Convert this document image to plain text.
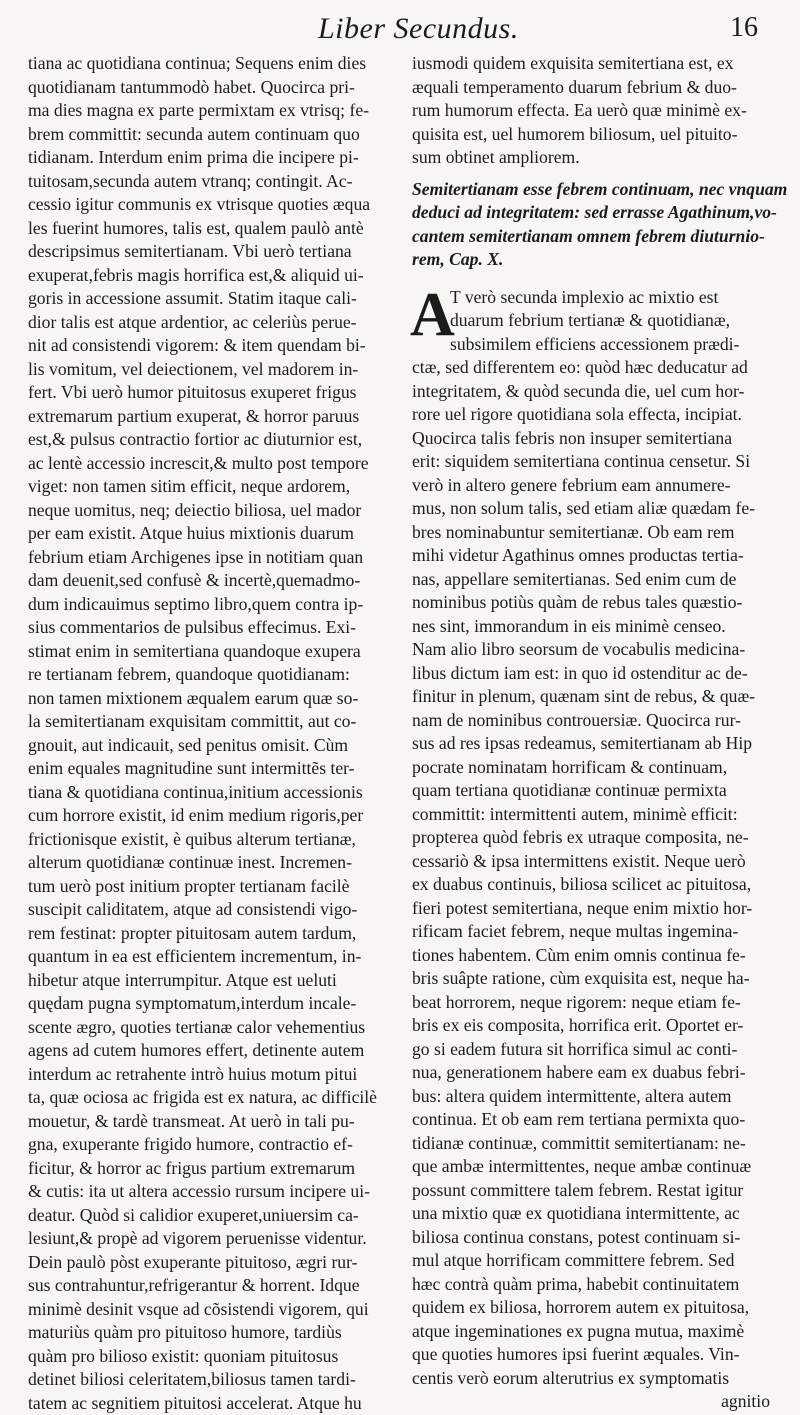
Liber Secundus.	16
tiana ac quotidiana continua; Sequens enim dies
quotidianam tantummodò habet. Quocirca pri-
ma dies magna ex parte permixtam ex vtrisq; fe-
brem committit: secunda autem continuam quo
tidianam. Interdum enim prima die incipere pi-
tuitosam,secunda autem vtranq; contingit. Ac-
cessio igitur communis ex vtrisque quoties æqua
les fuerint humores, talis est, qualem paulò antè
descripsimus semitertianam. Vbi uerò tertiana
exuperat,febris magis horrifica est,& aliquid ui-
goris in accessione assumit. Statim itaque cali-
dior talis est atque ardentior, ac celeriùs perue-
nit ad consistendi vigorem: & item quendam bi-
lis vomitum, vel deiectionem, vel madorem in-
fert. Vbi uerò humor pituitosus exuperet frigus
extremarum partium exuperat, & horror paruus
est,& pulsus contractio fortior ac diuturnior est,
ac lentè accessio increscit,& multo post tempore
viget: non tamen sitim efficit, neque ardorem,
neque uomitus, neq; deiectio biliosa, uel mador
per eam existit. Atque huius mixtionis duarum
febrium etiam Archigenes ipse in notitiam quan
dam deuenit,sed confusè & incertè,quemadmo-
dum indicauimus septimo libro,quem contra ip-
sius commentarios de pulsibus effecimus. Exi-
stimat enim in semitertiana quandoque exupera
re tertianam febrem, quandoque quotidianam:
non tamen mixtionem æqualem earum quæ so-
la semitertianam exquisitam committit, aut co-
gnouit, aut indicauit, sed penitus omisit. Cùm
enim equales magnitudine sunt intermittẽs ter-
tiana & quotidiana continua,initium accessionis
cum horrore existit, id enim medium rigoris,per
frictionisque existit, è quibus alterum tertianæ,
alterum quotidianæ continuæ inest. Incremen-
tum uerò post initium propter tertianam facilè
suscipit caliditatem, atque ad consistendi vigo-
rem festinat: propter pituitosam autem tardum,
quantum in ea est efficientem incrementum, in-
hibetur atque interrumpitur. Atque est ueluti
quędam pugna symptomatum,interdum incale-
scente ægro, quoties tertianæ calor vehementius
agens ad cutem humores effert, detinente autem
interdum ac retrahente intrò huius motum pitui
ta, quæ ociosa ac frigida est ex natura, ac difficilè
mouetur, & tardè transmeat. At uerò in tali pu-
gna, exuperante frigido humore, contractio ef-
ficitur, & horror ac frigus partium extremarum
& cutis: ita ut altera accessio rursum incipere ui-
deatur. Quòd si calidior exuperet,uniuersim ca-
lesiunt,& propè ad vigorem peruenisse videntur.
Dein paulò pòst exuperante pituitoso, ægri rur-
sus contrahuntur,refrigerantur & horrent. Idque
minimè desinit vsque ad cõsistendi vigorem, qui
maturiùs quàm pro pituitoso humore, tardiùs
quàm pro bilioso existit: quoniam pituitosus
detinet biliosi celeritatem,biliosus tamen tardi-
tatem ac segnitiem pituitosi accelerat. Atque hu
iusmodi quidem exquisita semitertiana est, ex
æquali temperamento duarum febrium & duo-
rum humorum effecta. Ea uerò quæ minimè ex-
quisita est, uel humorem biliosum, uel pituito-
sum obtinet ampliorem.
Semitertianam esse febrem continuam, nec vnquam
deduci ad integritatem: sed errasse Agathinum,vo-
cantem semitertianam omnem febrem diuturnio-
rem, Cap. X.
A
T verò secunda implexio ac mixtio est
duarum febrium tertianæ & quotidianæ,
subsimilem efficiens accessionem prædi-
ctæ, sed differentem eo: quòd hæc deducatur ad
integritatem, & quòd secunda die, uel cum hor-
rore uel rigore quotidiana sola effecta, incipiat.
Quocirca talis febris non insuper semitertiana
erit: siquidem semitertiana continua censetur. Si
verò in altero genere febrium eam annumere-
mus, non solum talis, sed etiam aliæ quædam fe-
bres nominabuntur semitertianæ. Ob eam rem
mihi videtur Agathinus omnes productas tertia-
nas, appellare semitertianas. Sed enim cum de
nominibus potiùs quàm de rebus tales quæstio-
nes sint, immorandum in eis minimè censeo.
Nam alio libro seorsum de vocabulis medicina-
libus dictum iam est: in quo id ostenditur ac de-
finitur in plenum, quænam sint de rebus, & quæ-
nam de nominibus controuersiæ. Quocirca rur-
sus ad res ipsas redeamus, semitertianam ab Hip
pocrate nominatam horrificam & continuam,
quam tertiana quotidianæ continuæ permixta
committit: intermittenti autem, minimè efficit:
propterea quòd febris ex utraque composita, ne-
cessariò & ipsa intermittens existit. Neque uerò
ex duabus continuis, biliosa scilicet ac pituitosa,
fieri potest semitertiana, neque enim mixtio hor-
rificam faciet febrem, neque multas ingemina-
tiones habentem. Cùm enim omnis continua fe-
bris suâpte ratione, cùm exquisita est, neque ha-
beat horrorem, neque rigorem: neque etiam fe-
bris ex eis composita, horrifica erit. Oportet er-
go si eadem futura sit horrifica simul ac conti-
nua, generationem habere eam ex duabus febri-
bus: altera quidem intermittente, altera autem
continua. Et ob eam rem tertiana permixta quo-
tidianæ continuæ, committit semitertianam: ne-
que ambæ intermittentes, neque ambæ continuæ
possunt committere talem febrem. Restat igitur
una mixtio quæ ex quotidiana intermittente, ac
biliosa continua constans, potest continuam si-
mul atque horrificam committere febrem. Sed
hæc contrà quàm prima, habebit continuitatem
quidem ex biliosa, horrorem autem ex pituitosa,
atque ingeminationes ex pugna mutua, maximè
que quoties humores ipsi fuerint æquales. Vin-
centis verò eorum alterutrius ex symptomatis
agnitio
